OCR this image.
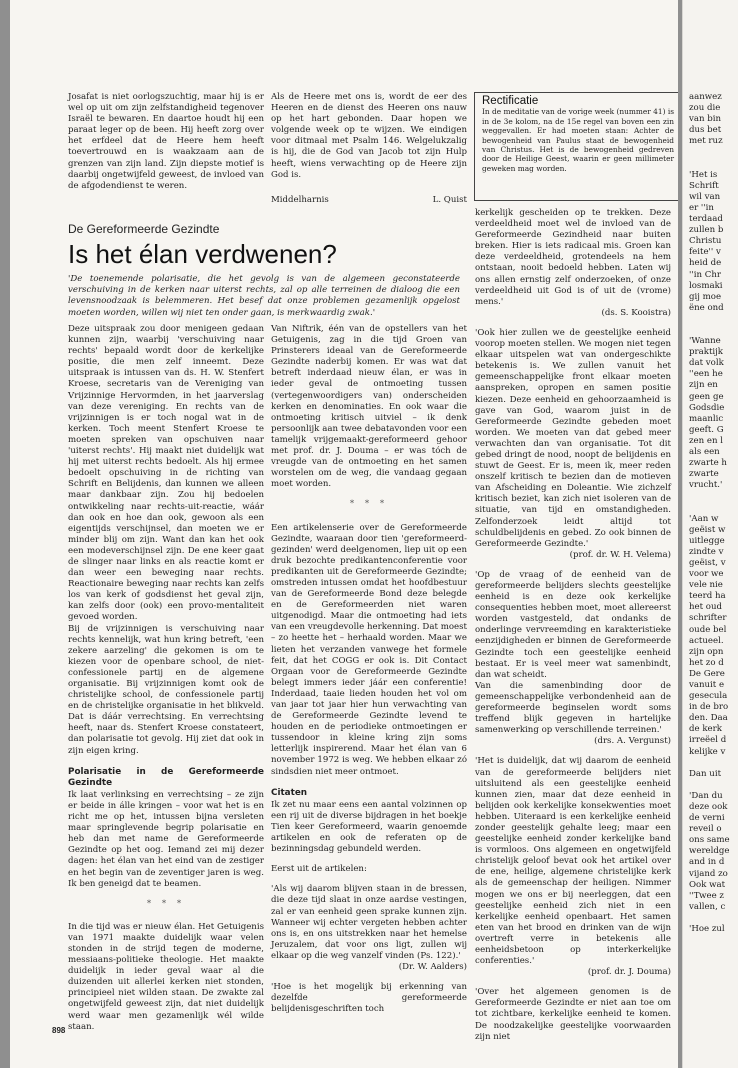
Josafat is niet oorlogszuchtig, maar hij is er wel op uit om zijn zelfstandigheid tegenover Israël te bewaren. En daartoe houdt hij een paraat leger op de been. Hij heeft zorg over het erfdeel dat de Heere hem heeft toevertrouwd en is waakzaam aan de grenzen van zijn land. Zijn diepste motief is daarbij ongetwijfeld geweest, de invloed van de afgodendienst te weren.

Als de Heere met ons is, wordt de eer des Heeren en de dienst des Heeren ons nauw op het hart gebonden. Daar hopen we volgende week op te wijzen. We eindigen voor ditmaal met Psalm 146. Welgelukzalig is hij, die de God van Jacob tot zijn Hulp heeft, wiens verwachting op de Heere zijn God is.

Middelharnis	L. Quist
Rectificatie
In de meditatie van de vorige week (nummer 41) is in de 3e kolom, na de 15e regel van boven een zin weggevallen. Er had moeten staan: Achter de bewogenheid van Paulus staat de bewogenheid van Christus. Het is de bewogenheid gedreven door de Heilige Geest, waarin er geen millimeter geweken mag worden.
De Gereformeerde Gezindte
Is het élan verdwenen?
'De toenemende polarisatie, die het gevolg is van de algemeen geconstateerde verschuiving in de kerken naar uiterst rechts, zal op alle terreinen de dialoog die een levensnoodzaak is belemmeren. Het besef dat onze problemen gezamenlijk opgelost moeten worden, willen wij niet ten onder gaan, is merkwaardig zwak.'

Deze uitspraak zou door menigeen gedaan kunnen zijn, waarbij 'verschuiving naar rechts' bepaald wordt door de kerkelijke positie, die men zelf inneemt. Deze uitspraak is intussen van ds. H. W. Stenfert Kroese, secretaris van de Vereniging van Vrijzinnige Hervormden, in het jaarverslag van deze vereniging. En rechts van de vrijzinnigen is er toch nogal wat in de kerken. Toch meent Stenfert Kroese te moeten spreken van opschuiven naar 'uiterst rechts'. Hij maakt niet duidelijk wat hij met uiterst rechts bedoelt. Als hij ermee bedoelt opschuiving in de richting van Schrift en Belijdenis, dan kunnen we alleen maar dankbaar zijn. Zou hij bedoelen ontwikkeling naar rechts-uit-reactie, wáár dan ook en hoe dan ook, gewoon als een eigentijds verschijnsel, dan moeten we er minder blij om zijn. Want dan kan het ook een modeverschijnsel zijn. De ene keer gaat de slinger naar links en als reactie komt er dan weer een beweging naar rechts. Reactionaire beweging naar rechts kan zelfs los van kerk of godsdienst het geval zijn, kan zelfs door (ook) een provo-mentaliteit gevoed worden.

Bij de vrijzinnigen is verschuiving naar rechts kennelijk, wat hun kring betreft, 'een zekere aarzeling' die gekomen is om te kiezen voor de openbare school, de niet-confessionele partij en de algemene organisatie. Bij vrijzinnigen komt ook de christelijke school, de confessionele partij en de christelijke organisatie in het blikveld. Dat is dáár verrechtsing. En verrechtsing heeft, naar ds. Stenfert Kroese constateert, dan polarisatie tot gevolg. Hij ziet dat ook in zijn eigen kring.

Polarisatie in de Gereformeerde Gezindte

Ik laat verlinksing en verrechtsing – ze zijn er beide in álle kringen – voor wat het is en richt me op het, intussen bijna versleten maar springlevende begrip polarisatie en heb dan met name de Gereformeerde Gezindte op het oog. Iemand zei mij dezer dagen: het élan van het eind van de zestiger en het begin van de zeventiger jaren is weg. Ik ben geneigd dat te beamen.

* * *

In die tijd was er nieuw élan. Het Getuigenis van 1971 maakte duidelijk waar velen stonden in de strijd tegen de moderne, messiaans-politieke theologie. Het maakte duidelijk in ieder geval waar al die duizenden uit allerlei kerken niet stonden, principieel niet wilden staan. De zwakte zal ongetwijfeld geweest zijn, dat niet duidelijk werd waar men gezamenlijk wél wilde staan.

Van Niftrik, één van de opstellers van het Getuigenis, zag in die tijd Groen van Prinsterers ideaal van de Gereformeerde Gezindte naderbij komen. Er was wat dat betreft inderdaad nieuw élan, er was in ieder geval de ontmoeting tussen (vertegenwoordigers van) onderscheiden kerken en denominaties. En ook waar die ontmoeting kritisch uitviel – ik denk persoonlijk aan twee debatavonden voor een tamelijk vrijgemaakt-gereformeerd gehoor met prof. dr. J. Douma – er was tóch de vreugde van de ontmoeting en het samen worstelen om de weg, die vandaag gegaan moet worden.

* * *

Een artikelenserie over de Gereformeerde Gezindte, waaraan door tien 'gereformeerd-gezinden' werd deelgenomen, liep uit op een druk bezochte predikantenconferentie voor predikanten uit de Gereformeerde Gezindte; omstreden intussen omdat het hoofdbestuur van de Gereformeerde Bond deze belegde en de Gereformeerden niet waren uitgenodigd. Maar die ontmoeting had iets van een vreugdevolle herkenning. Dat moest – zo heette het – herhaald worden. Maar we lieten het verzanden vanwege het formele feit, dat het COGG er ook is. Dit Contact Orgaan voor de Gereformeerde Gezindte belegt immers ieder jáár een conferentie! Inderdaad, taaie lieden houden het vol om van jaar tot jaar hier hun verwachting van de Gereformeerde Gezindte levend te houden en de periodieke ontmoetingen er tussendoor in kleine kring zijn soms letterlijk inspirerend. Maar het élan van 6 november 1972 is weg. We hebben elkaar zó sindsdien niet meer ontmoet.

Citaten

Ik zet nu maar eens een aantal volzinnen op een rij uit de diverse bijdragen in het boekje Tien keer Gereformeerd, waarin genoemde artikelen en ook de referaten op de bezinningsdag gebundeld werden.

Eerst uit de artikelen:

'Als wij daarom blijven staan in de bressen, die deze tijd slaat in onze aardse vestingen, zal er van eenheid geen sprake kunnen zijn. Wanneer wij echter vergeten hebben achter ons is, en ons uitstrekken naar het hemelse Jeruzalem, dat voor ons ligt, zullen wij elkaar op die weg vanzelf vinden (Ps. 122).'

(Dr. W. Aalders)

'Hoe is het mogelijk bij erkenning van dezelfde gereformeerde belijdenisgeschriften toch

kerkelijk gescheiden op te trekken. Deze verdeeldheid moet wel de invloed van de Gereformeerde Gezindheid naar buiten breken. Hier is iets radicaal mis. Groen kan deze verdeeldheid, grotendeels na hem ontstaan, nooit bedoeld hebben. Laten wij ons allen ernstig zelf onderzoeken, of onze verdeeldheid uit God is of uit de (vrome) mens.'

(ds. S. Kooistra)

'Ook hier zullen we de geestelijke eenheid voorop moeten stellen. We mogen niet tegen elkaar uitspelen wat van ondergeschikte betekenis is. We zullen vanuit het gemeenschappelijke front elkaar moeten aanspreken, opropen en samen positie kiezen. Deze eenheid en gehoorzaamheid is gave van God, waarom juist in de Gereformeerde Gezindte gebeden moet worden. We moeten van dat gebed meer verwachten dan van organisatie. Tot dit gebed dringt de nood, noopt de belijdenis en stuwt de Geest. Er is, meen ik, meer reden onszelf kritisch te bezien dan de motieven van Afscheiding en Doleantie. Wie zichzelf kritisch beziet, kan zich niet isoleren van de situatie, van tijd en omstandigheden. Zelfonderzoek leidt altijd tot schuldbelijdenis en gebed. Zo ook binnen de Gereformeerde Gezindte.'

(prof. dr. W. H. Velema)

'Op de vraag of de eenheid van de gereformeerde belijders slechts geestelijke eenheid is en deze ook kerkelijke consequenties hebben moet, moet allereerst worden vastgesteld, dat ondanks de onderlinge vervreemding en karakteristieke eenzijdigheden er binnen de Gereformeerde Gezindte toch een geestelijke eenheid bestaat. Er is veel meer wat samenbindt, dan wat scheidt.

Van die samenbinding door de gemeenschappelijke verbondenheid aan de gereformeerde beginselen wordt soms treffend blijk gegeven in hartelijke samenwerking op verschillende terreinen.'

(drs. A. Vergunst)

'Het is duidelijk, dat wij daarom de eenheid van de gereformeerde belijders niet uitsluitend als een geestelijke eenheid kunnen zien, maar dat deze eenheid in belijden ook kerkelijke konsekwenties moet hebben. Uiteraard is een kerkelijke eenheid zonder geestelijk gehalte leeg; maar een geestelijke eenheid zonder kerkelijke band is vormloos. Ons algemeen en ongetwijfeld christelijk geloof bevat ook het artikel over de ene, heilige, algemene christelijke kerk als de gemeenschap der heiligen. Nimmer mogen we ons er bij neerleggen, dat een geestelijke eenheid zich niet in een kerkelijke eenheid openbaart. Het samen eten van het brood en drinken van de wijn overtreft verre in betekenis alle eenheidsbetoon op interkerkelijke conferenties.'

(prof. dr. J. Douma)

'Over het algemeen genomen is de Gereformeerde Gezindte er niet aan toe om tot zichtbare, kerkelijke eenheid te komen. De noodzakelijke geestelijke voorwaarden zijn niet

898
aanwez
zou die
van bin
dus bet
met ruz
'Het is
Schrift
wil van
er ''in
terdaad
zullen b
Christu
feite'' v
heid de
''in Chr
losmaki
gij moe
ëne ond
'Wanne
praktijk
dat volk
''een he
zijn en
geen ge
Godsdie
maanlic
geeft. G
zen en l
als een
zwarte h
zwarte
vrucht.'
'Aan w
geëist w
uitlegge
zindte v
geëist, v
voor we
vele nie
teerd ha
het oud
schrifter
oude bel
actueel.
zijn opn
het zo d
De Gere
vanuit e
gesecula
in de bro
den. Daa
de kerk
irreëel d
kelijke v
Dan uit
'Dan du
deze ook
de verni
reveil o
ons same
wereldge
and in d
vijand zo
Ook wat
''Twee z
vallen, c
'Hoe zul
